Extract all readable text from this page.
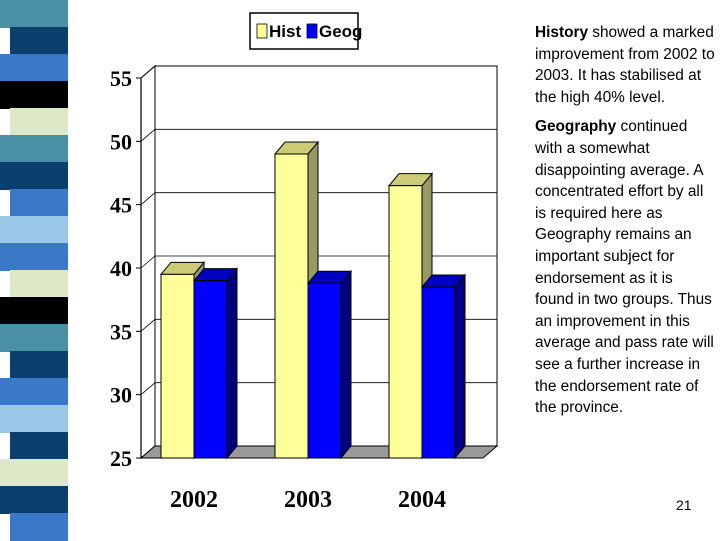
Hist Geog
25
30
35
40
45
50
55
2002	2003	2004

History showed a marked improvement from 2002 to 2003. It has stabilised at the high 40% level.

Geography continued with a somewhat disappointing average. A concentrated effort by all is required here as Geography remains an important subject for endorsement as it is found in two groups. Thus an improvement in this average and pass rate will see a further increase in the endorsement rate of the province.

21
